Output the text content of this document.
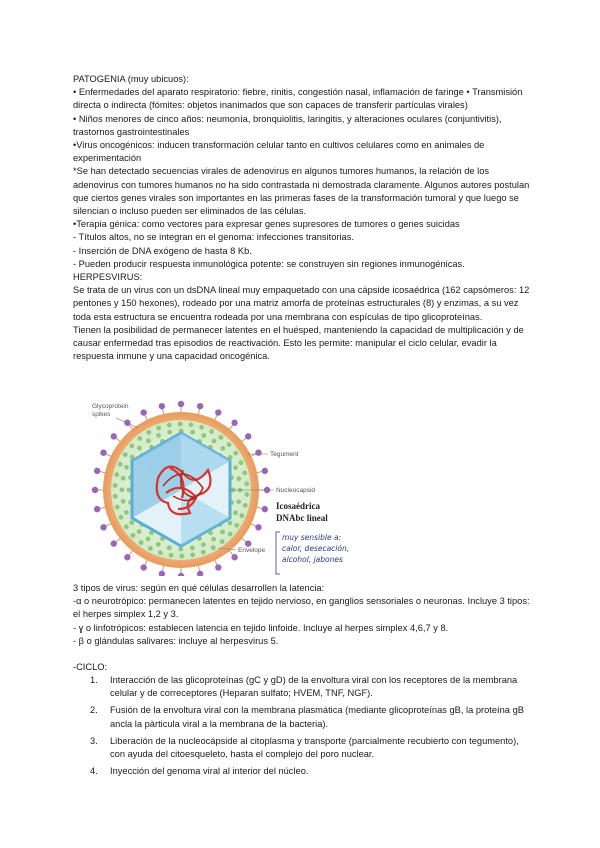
PATOGENIA (muy ubicuos):

• Enfermedades del aparato respiratorio: fiebre, rinitis, congestión nasal, inflamación de faringe • Transmisión directa o indirecta (fómites: objetos inanimados que son capaces de transferir partículas virales)

• Niños menores de cinco años: neumonía, bronquiolitis, laringitis, y alteraciones oculares (conjuntivitis), trastornos gastrointestinales

•Virus oncogénicos: inducen transformación celular tanto en cultivos celulares como en animales de experimentación

*Se han detectado secuencias virales de adenovirus en algunos tumores humanos, la relación de los adenovirus con tumores humanos no ha sido contrastada ni demostrada claramente. Algunos autores postulan que ciertos genes virales son importantes en las primeras fases de la transformación tumoral y que luego se silencian o incluso pueden ser eliminados de las células.

•Terapia génica: como vectores para expresar genes supresores de tumores o genes suicidas

- Títulos altos, no se integran en el genoma: infecciones transitorias.

- Inserción de DNA exógeno de hasta 8 Kb.

- Pueden producir respuesta inmunológica potente: se construyen sin regiones inmunogénicas.

HERPESVIRUS:

Se trata de un virus con un dsDNA lineal muy empaquetado con una cápside icosaédrica (162 capsómeros: 12 pentones y 150 hexones), rodeado por una matriz amorfa de proteínas estructurales (8) y enzimas, a su vez toda esta estructura se encuentra rodeada por una membrana con espículas de tipo glicoproteínas.

Tienen la posibilidad de permanecer latentes en el huésped, manteniendo la capacidad de multiplicación y de causar enfermedad tras episodios de reactivación. Esto les permite: manipular el ciclo celular, evadir la respuesta inmune y una capacidad oncogénica.

Glycoprotein
spikes
Tegument
Nucleocapsid
Icosaédrica
DNAbc lineal
Envelope
muy sensible a:
calor, desecación,
alcohol, jabones

3 tipos de virus: según en qué células desarrollen la latencia:

-α o neurotrópico: permanecen latentes en tejido nervioso, en ganglios sensoriales o neuronas. Incluye 3 tipos: el herpes simplex 1,2 y 3.

- ɣ o linfotrópicos: establecen latencia en tejido linfoide. Incluye al herpes simplex 4,6,7 y 8.

- β o glándulas salivares: incluye al herpesvirus 5.

-CICLO:

1. Interacción de las glicoproteínas (gC y gD) de la envoltura viral con los receptores de la membrana celular y de correceptores (Heparan sulfato; HVEM, TNF, NGF).
2. Fusión de la envoltura viral con la membrana plasmática (mediante glicoproteínas gB, la proteína gB ancla la pàrticula viral a la membrana de la bacteria).
3. Liberación de la nucleocápside al citoplasma y transporte (parcialmente recubierto con tegumento), con ayuda del citoesqueleto, hasta el complejo del poro nuclear.
4. Inyección del genoma viral al interior del núcleo.
